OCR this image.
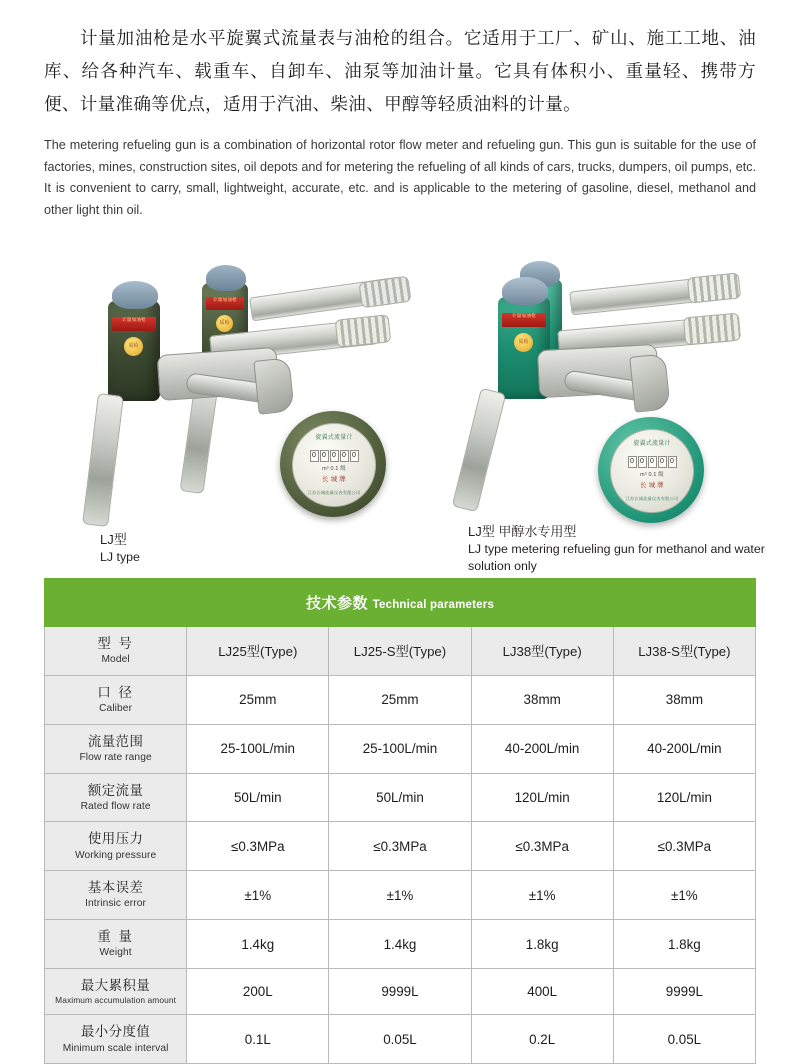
计量加油枪是水平旋翼式流量表与油枪的组合。它适用于工厂、矿山、施工工地、油库、给各种汽车、载重车、自卸车、油泵等加油计量。它具有体积小、重量轻、携带方便、计量准确等优点，适用于汽油、柴油、甲醇等轻质油料的计量。

The metering refueling gun is a combination of horizontal rotor flow meter and refueling gun. This gun is suitable for the use of factories, mines, construction sites, oil depots and for metering the refueling of all kinds of cars, trucks, dumpers, oil pumps, etc. It is convenient to carry, small, lightweight, accurate, etc. and is applicable to the metering of gasoline, diesel, methanol and other light thin oil.

计量加油枪
质检
计量加油枪
质检
旋翼式流量计
0 0 0 0 0
m³ 0.1 级
长 城 牌
江苏长城流量仪表有限公司
LJ型
LJ type
计量加油枪
质检
旋翼式流量计
0 0 0 0 0
m³ 0.1 级
长 城 牌
江苏长城流量仪表有限公司
LJ型 甲醇水专用型
LJ type metering refueling gun for methanol and water solution only
技术参数 Technical parameters				

型 号
Model	LJ25型(Type)	LJ25-S型(Type)	LJ38型(Type)	LJ38-S型(Type)

口 径
Caliber	25mm	25mm	38mm	38mm

流量范围
Flow rate range	25-100L/min	25-100L/min	40-200L/min	40-200L/min

额定流量
Rated flow rate	50L/min	50L/min	120L/min	120L/min

使用压力
Working pressure	≤0.3MPa	≤0.3MPa	≤0.3MPa	≤0.3MPa

基本误差
Intrinsic error	±1%	±1%	±1%	±1%

重 量
Weight	1.4kg	1.4kg	1.8kg	1.8kg

最大累积量
Maximum accumulation amount	200L	9999L	400L	9999L

最小分度值
Minimum scale interval	0.1L	0.05L	0.2L	0.05L
